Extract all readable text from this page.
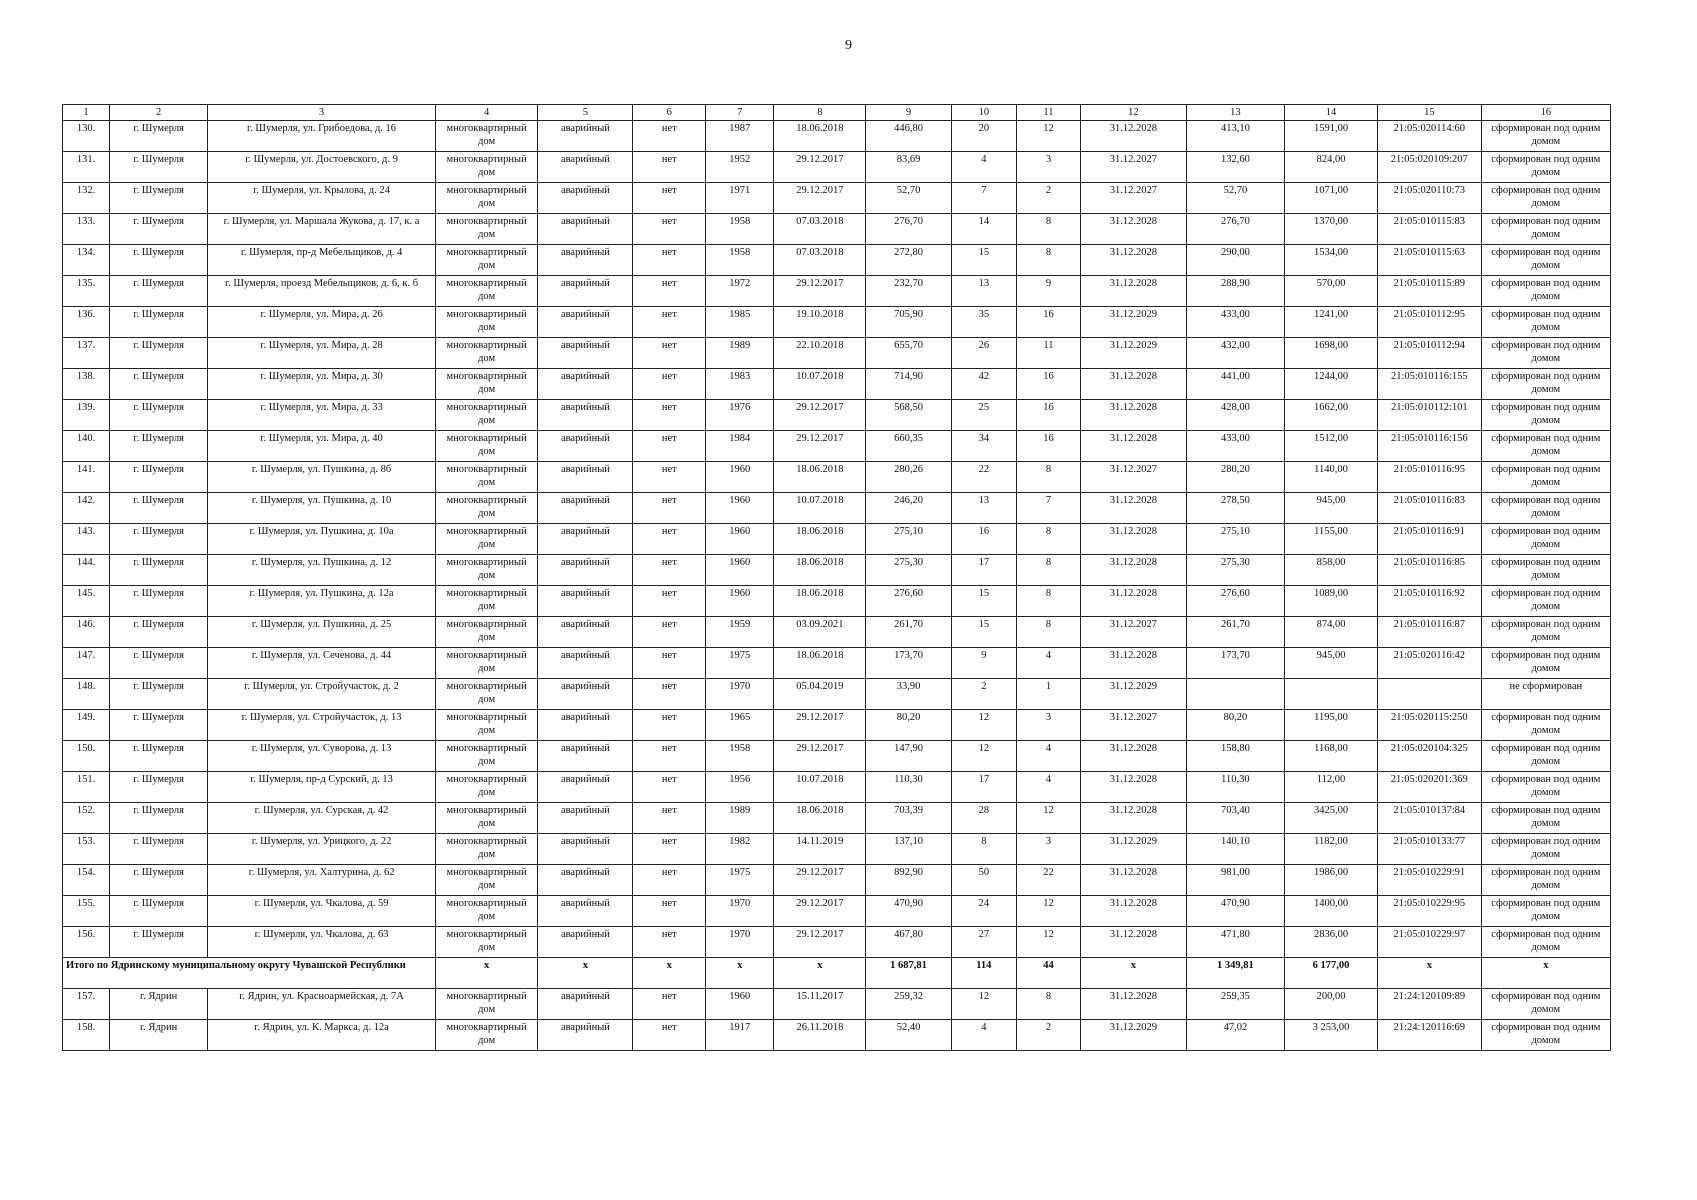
9
1	2	3	4	5	6	7	8	9	10	11	12	13	14	15	16
130.	г. Шумерля	г. Шумерля, ул. Грибоедова, д. 16	многоквартирный дом	аварийный	нет	1987	18.06.2018	446,80	20	12	31.12.2028	413,10	1591,00	21:05:020114:60	сформирован под одним домом
131.	г. Шумерля	г. Шумерля, ул. Достоевского, д. 9	многоквартирный дом	аварийный	нет	1952	29.12.2017	83,69	4	3	31.12.2027	132,60	824,00	21:05:020109:207	сформирован под одним домом
132.	г. Шумерля	г. Шумерля, ул. Крылова, д. 24	многоквартирный дом	аварийный	нет	1971	29.12.2017	52,70	7	2	31.12.2027	52,70	1071,00	21:05:020110:73	сформирован под одним домом
133.	г. Шумерля	г. Шумерля, ул. Маршала Жукова, д. 17, к. а	многоквартирный дом	аварийный	нет	1958	07.03.2018	276,70	14	8	31.12.2028	276,70	1370,00	21:05:010115:83	сформирован под одним домом
134.	г. Шумерля	г. Шумерля, пр-д Мебельщиков, д. 4	многоквартирный дом	аварийный	нет	1958	07.03.2018	272,80	15	8	31.12.2028	290,00	1534,00	21:05:010115:63	сформирован под одним домом
135.	г. Шумерля	г. Шумерля, проезд Мебельщиков, д. 6, к. б	многоквартирный дом	аварийный	нет	1972	29.12.2017	232,70	13	9	31.12.2028	288,90	570,00	21:05:010115:89	сформирован под одним домом
136.	г. Шумерля	г. Шумерля, ул. Мира, д. 26	многоквартирный дом	аварийный	нет	1985	19.10.2018	705,90	35	16	31.12.2029	433,00	1241,00	21:05:010112:95	сформирован под одним домом
137.	г. Шумерля	г. Шумерля, ул. Мира, д. 28	многоквартирный дом	аварийный	нет	1989	22.10.2018	655,70	26	11	31.12.2029	432,00	1698,00	21:05:010112:94	сформирован под одним домом
138.	г. Шумерля	г. Шумерля, ул. Мира, д. 30	многоквартирный дом	аварийный	нет	1983	10.07.2018	714,90	42	16	31.12.2028	441,00	1244,00	21:05:010116:155	сформирован под одним домом
139.	г. Шумерля	г. Шумерля, ул. Мира, д. 33	многоквартирный дом	аварийный	нет	1976	29.12.2017	568,50	25	16	31.12.2028	428,00	1662,00	21:05:010112:101	сформирован под одним домом
140.	г. Шумерля	г. Шумерля, ул. Мира, д. 40	многоквартирный дом	аварийный	нет	1984	29.12.2017	660,35	34	16	31.12.2028	433,00	1512,00	21:05:010116:156	сформирован под одним домом
141.	г. Шумерля	г. Шумерля, ул. Пушкина, д. 8б	многоквартирный дом	аварийный	нет	1960	18.06.2018	280,26	22	8	31.12.2027	280,20	1140,00	21:05:010116:95	сформирован под одним домом
142.	г. Шумерля	г. Шумерля, ул. Пушкина, д. 10	многоквартирный дом	аварийный	нет	1960	10.07.2018	246,20	13	7	31.12.2028	278,50	945,00	21:05:010116:83	сформирован под одним домом
143.	г. Шумерля	г. Шумерля, ул. Пушкина, д. 10а	многоквартирный дом	аварийный	нет	1960	18.06.2018	275,10	16	8	31.12.2028	275,10	1155,00	21:05:010116:91	сформирован под одним домом
144.	г. Шумерля	г. Шумерля, ул. Пушкина, д. 12	многоквартирный дом	аварийный	нет	1960	18.06.2018	275,30	17	8	31.12.2028	275,30	858,00	21:05:010116:85	сформирован под одним домом
145.	г. Шумерля	г. Шумерля, ул. Пушкина, д. 12а	многоквартирный дом	аварийный	нет	1960	18.06.2018	276,60	15	8	31.12.2028	276,60	1089,00	21:05:010116:92	сформирован под одним домом
146.	г. Шумерля	г. Шумерля, ул. Пушкина, д. 25	многоквартирный дом	аварийный	нет	1959	03.09.2021	261,70	15	8	31.12.2027	261,70	874,00	21:05:010116:87	сформирован под одним домом
147.	г. Шумерля	г. Шумерля, ул. Сеченова, д. 44	многоквартирный дом	аварийный	нет	1975	18.06.2018	173,70	9	4	31.12.2028	173,70	945,00	21:05:020116:42	сформирован под одним домом
148.	г. Шумерля	г. Шумерля, ул. Стройучасток, д. 2	многоквартирный дом	аварийный	нет	1970	05.04.2019	33,90	2	1	31.12.2029				не сформирован
149.	г. Шумерля	г. Шумерля, ул. Стройучасток, д. 13	многоквартирный дом	аварийный	нет	1965	29.12.2017	80,20	12	3	31.12.2027	80,20	1195,00	21:05:020115:250	сформирован под одним домом
150.	г. Шумерля	г. Шумерля, ул. Суворова, д. 13	многоквартирный дом	аварийный	нет	1958	29.12.2017	147,90	12	4	31.12.2028	158,80	1168,00	21:05:020104:325	сформирован под одним домом
151.	г. Шумерля	г. Шумерля, пр-д Сурский, д. 13	многоквартирный дом	аварийный	нет	1956	10.07.2018	110,30	17	4	31.12.2028	110,30	112,00	21:05:020201:369	сформирован под одним домом
152.	г. Шумерля	г. Шумерля, ул. Сурская, д. 42	многоквартирный дом	аварийный	нет	1989	18.06.2018	703,39	28	12	31.12.2028	703,40	3425,00	21:05:010137:84	сформирован под одним домом
153.	г. Шумерля	г. Шумерля, ул. Урицкого, д. 22	многоквартирный дом	аварийный	нет	1982	14.11.2019	137,10	8	3	31.12.2029	140,10	1182,00	21:05:010133:77	сформирован под одним домом
154.	г. Шумерля	г. Шумерля, ул. Халтурина, д. 62	многоквартирный дом	аварийный	нет	1975	29.12.2017	892,90	50	22	31.12.2028	981,00	1986,00	21:05:010229:91	сформирован под одним домом
155.	г. Шумерля	г. Шумерля, ул. Чкалова, д. 59	многоквартирный дом	аварийный	нет	1970	29.12.2017	470,90	24	12	31.12.2028	470,90	1400,00	21:05:010229:95	сформирован под одним домом
156.	г. Шумерля	г. Шумерля, ул. Чкалова, д. 63	многоквартирный дом	аварийный	нет	1970	29.12.2017	467,80	27	12	31.12.2028	471,80	2836,00	21:05:010229:97	сформирован под одним домом
Итого по Ядринскому муниципальному округу Чувашской Республики			x	x	x	x	x	1 687,81	114	44	x	1 349,81	6 177,00	x	x
157.	г. Ядрин	г. Ядрин, ул. Красноармейская, д. 7А	многоквартирный дом	аварийный	нет	1960	15.11.2017	259,32	12	8	31.12.2028	259,35	200,00	21:24:120109:89	сформирован под одним домом
158.	г. Ядрин	г. Ядрин, ул. К. Маркса, д. 12а	многоквартирный дом	аварийный	нет	1917	26.11.2018	52,40	4	2	31.12.2029	47,02	3 253,00	21:24:120116:69	сформирован под одним домом
